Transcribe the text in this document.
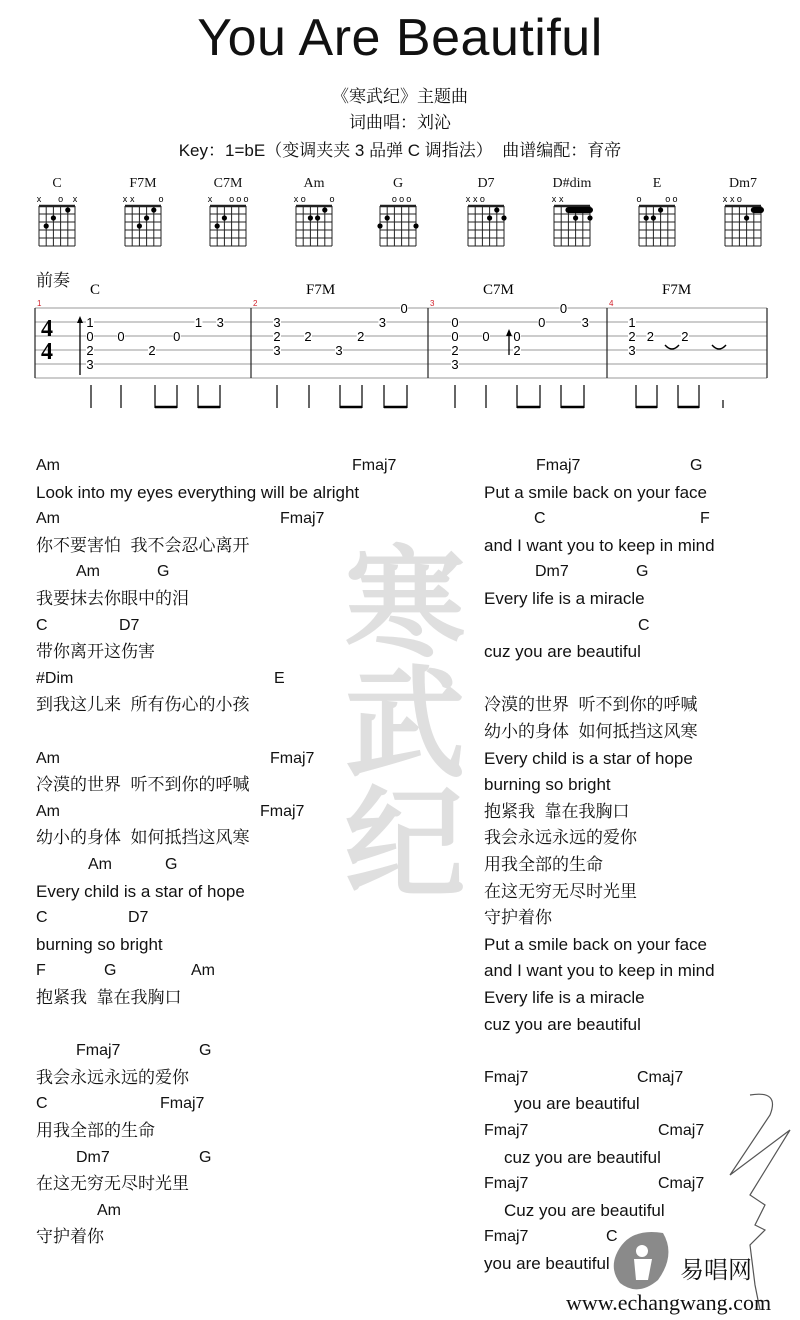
寒武纪
You Are Beautiful
《寒武纪》主题曲
词曲唱：刘沁
Key：1=bE（变调夹夹 3 品弹 C 调指法）  曲谱编配：育帝
C
x o x
F7M
x x	o
C7M
x o o o
Am
x o	o
G
o o o
D7
x x o
D#dim
x x
E
o	o o
Dm7
x x o
前奏
4
4
1
C
1
0
2
3
0
2
0
1 3
2
F7M
3
2
3
2
3
2
3
0	3
C7M
0
0
2
3
0 0
2
0
0
3
4
F7M
1
2
3
2 2
Am	Fmaj7
Look into my eyes everything will be alright
Am	Fmaj7
你不要害怕  我不会忍心离开
Am	G
我要抹去你眼中的泪
C	D7
带你离开这伤害
#Dim	E
到我这儿来  所有伤心的小孩
Am	Fmaj7
冷漠的世界  听不到你的呼喊
Am	Fmaj7
幼小的身体  如何抵挡这风寒
Am	G
Every child is a star of hope
C	D7
burning so bright
F	G	Am
抱紧我  靠在我胸口
Fmaj7	G
我会永远永远的爱你
C	Fmaj7
用我全部的生命
Dm7	G
在这无穷无尽时光里
Am
守护着你
Fmaj7	G
Put a smile back on your face
C	F
and I want you to keep in mind
Dm7	G
Every life is a miracle
C
cuz you are beautiful
冷漠的世界  听不到你的呼喊
幼小的身体  如何抵挡这风寒
Every child is a star of hope
burning so bright
抱紧我  靠在我胸口
我会永远永远的爱你
用我全部的生命
在这无穷无尽时光里
守护着你
Put a smile back on your face
and I want you to keep in mind
Every life is a miracle
cuz you are beautiful
Fmaj7	Cmaj7
you are beautiful
Fmaj7	Cmaj7
cuz you are beautiful
Fmaj7	Cmaj7
Cuz you are beautiful
Fmaj7	C
you are beautiful	易唱网
www.echangwang.com
